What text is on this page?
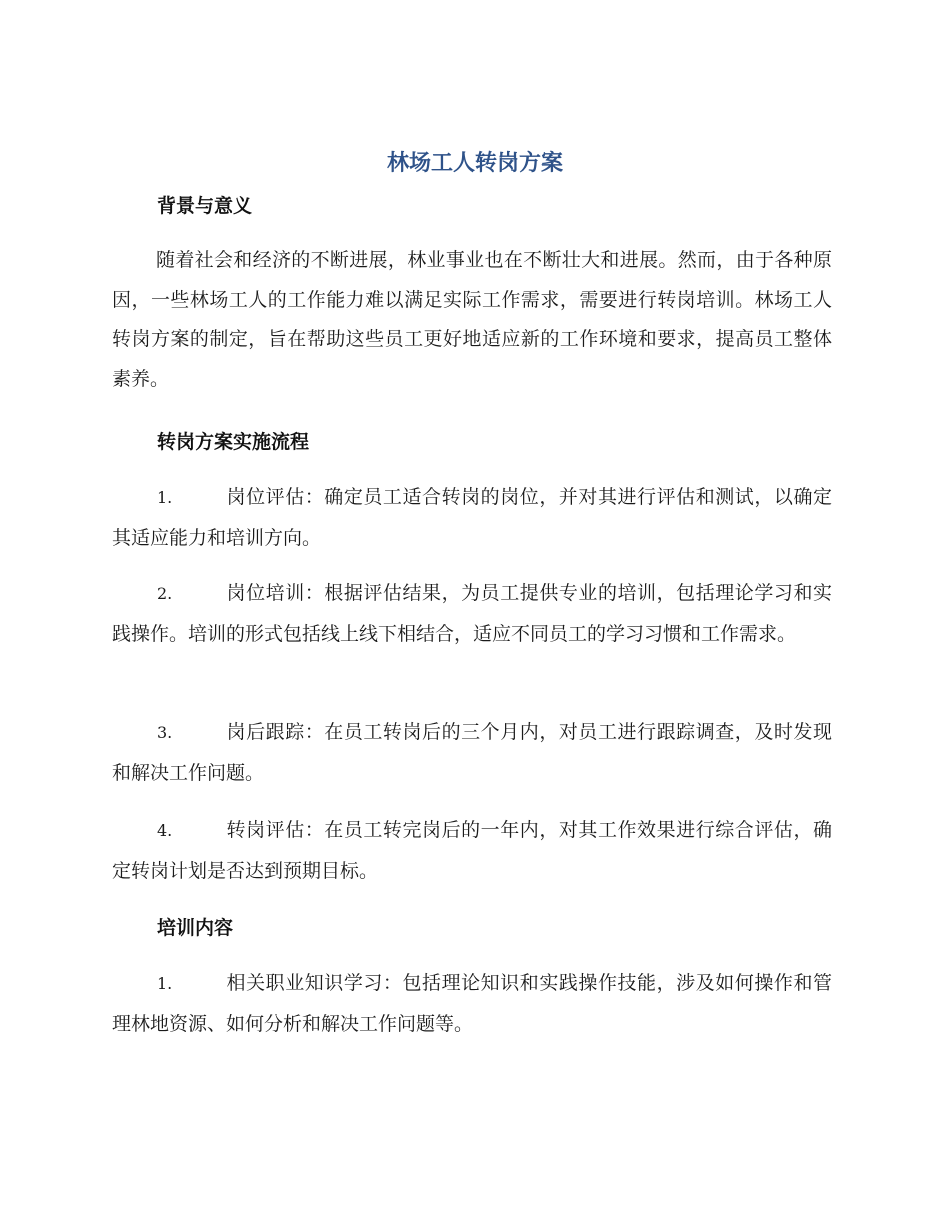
林场工人转岗方案
背景与意义

随着社会和经济的不断进展，林业事业也在不断壮大和进展。然而，由于各种原因，一些林场工人的工作能力难以满足实际工作需求，需要进行转岗培训。林场工人转岗方案的制定，旨在帮助这些员工更好地适应新的工作环境和要求，提高员工整体素养。

转岗方案实施流程

1.	岗位评估：确定员工适合转岗的岗位，并对其进行评估和测试，以确定其适应能力和培训方向。

2.	岗位培训：根据评估结果，为员工提供专业的培训，包括理论学习和实践操作。培训的形式包括线上线下相结合，适应不同员工的学习习惯和工作需求。

3.	岗后跟踪：在员工转岗后的三个月内，对员工进行跟踪调查，及时发现和解决工作问题。

4.	转岗评估：在员工转完岗后的一年内，对其工作效果进行综合评估，确定转岗计划是否达到预期目标。

培训内容

1.	相关职业知识学习：包括理论知识和实践操作技能，涉及如何操作和管理林地资源、如何分析和解决工作问题等。
